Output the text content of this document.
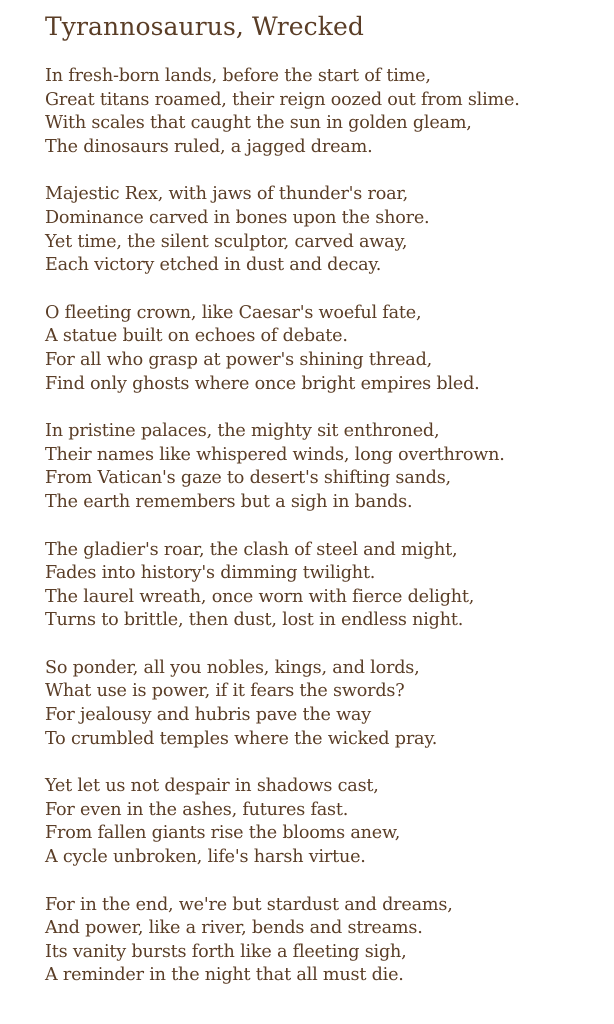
Tyrannosaurus, Wrecked
In fresh-born lands, before the start of time,
Great titans roamed, their reign oozed out from slime.
With scales that caught the sun in golden gleam,
The dinosaurs ruled, a jagged dream.
Majestic Rex, with jaws of thunder's roar,
Dominance carved in bones upon the shore.
Yet time, the silent sculptor, carved away,
Each victory etched in dust and decay.
O fleeting crown, like Caesar's woeful fate,
A statue built on echoes of debate.
For all who grasp at power's shining thread,
Find only ghosts where once bright empires bled.
In pristine palaces, the mighty sit enthroned,
Their names like whispered winds, long overthrown.
From Vatican's gaze to desert's shifting sands,
The earth remembers but a sigh in bands.
The gladier's roar, the clash of steel and might,
Fades into history's dimming twilight.
The laurel wreath, once worn with fierce delight,
Turns to brittle, then dust, lost in endless night.
So ponder, all you nobles, kings, and lords,
What use is power, if it fears the swords?
For jealousy and hubris pave the way
To crumbled temples where the wicked pray.
Yet let us not despair in shadows cast,
For even in the ashes, futures fast.
From fallen giants rise the blooms anew,
A cycle unbroken, life's harsh virtue.
For in the end, we're but stardust and dreams,
And power, like a river, bends and streams.
Its vanity bursts forth like a fleeting sigh,
A reminder in the night that all must die.
